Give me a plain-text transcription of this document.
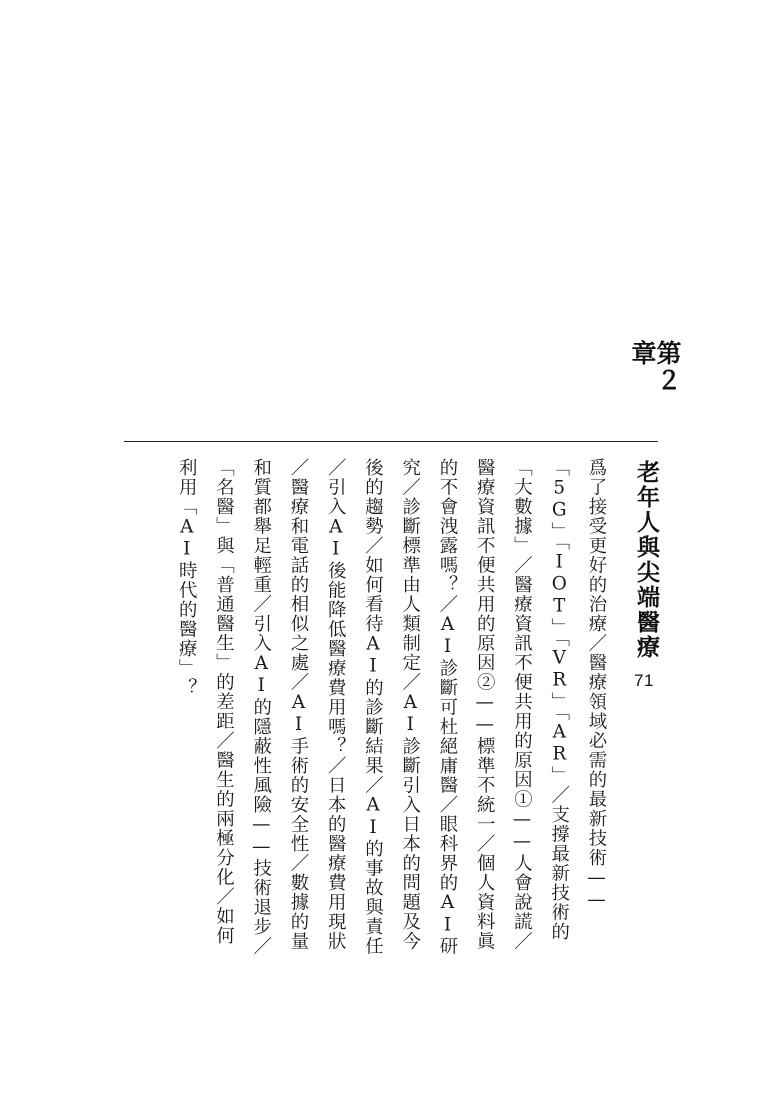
第２章
老年人與尖端醫療
71
爲了接受更好的治療／醫療領域必需的最新技術——
「5G」「IOT」「VR」「AR」／支撐最新技術的
「大數據」／醫療資訊不便共用的原因①——人會說謊／
醫療資訊不便共用的原因②——標準不統一／個人資料眞
的不會洩露嗎？／AI診斷可杜絕庸醫／眼科界的AI研
究／診斷標準由人類制定／AI診斷引入日本的問題及今
後的趨勢／如何看待AI的診斷結果／AI的事故與責任
／引入AI後能降低醫療費用嗎？／日本的醫療費用現狀
／醫療和電話的相似之處／AI手術的安全性／數據的量
和質都舉足輕重／引入AI的隱蔽性風險——技術退步／
「名醫」與「普通醫生」的差距／醫生的兩極分化／如何
利用「AI時代的醫療」？
